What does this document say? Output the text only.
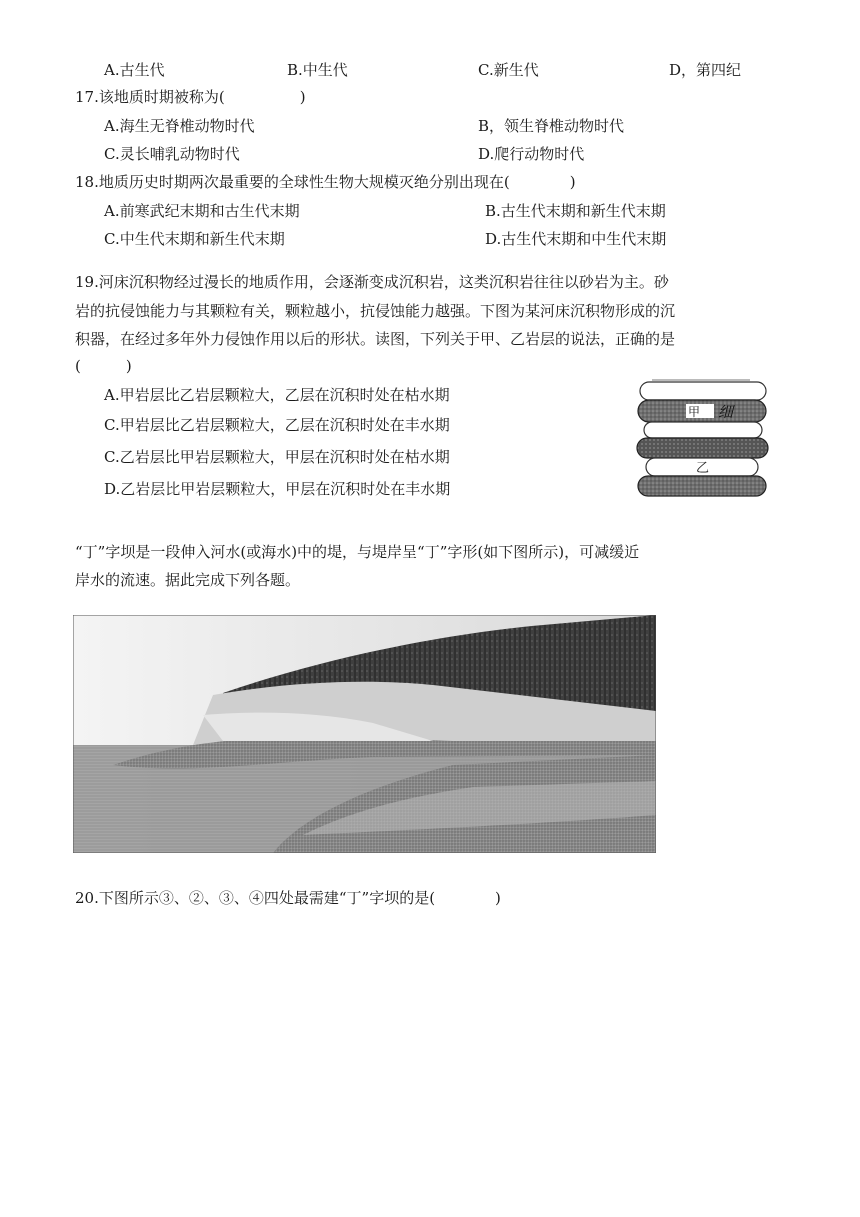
A.古生代	B.中生代	C.新生代	D，第四纪
17.该地质时期被称为(　　　　　)
A.海生无脊椎动物时代	B，领生脊椎动物时代
C.灵长哺乳动物时代	D.爬行动物时代
18.地质历史时期两次最重要的全球性生物大规模灭绝分别出现在(　　　　)
A.前寒武纪末期和古生代末期	B.古生代末期和新生代末期
C.中生代末期和新生代末期	D.古生代末期和中生代末期
19.河床沉积物经过漫长的地质作用，会逐渐变成沉积岩，这类沉积岩往往以砂岩为主。砂
岩的抗侵蚀能力与其颗粒有关，颗粒越小，抗侵蚀能力越强。下图为某河床沉积物形成的沉
积器，在经过多年外力侵蚀作用以后的形状。读图，下列关于甲、乙岩层的说法，正确的是
(　　　)
A.甲岩层比乙岩层颗粒大，乙层在沉积时处在枯水期
C.甲岩层比乙岩层颗粒大，乙层在沉积时处在丰水期
C.乙岩层比甲岩层颗粒大，甲层在沉积时处在枯水期
D.乙岩层比甲岩层颗粒大，甲层在沉积时处在丰水期
甲 细
乙
“丁”字坝是一段伸入河水(或海水)中的堤，与堤岸呈“丁”字形(如下图所示)，可减缓近
岸水的流速。据此完成下列各题。
20.下图所示③、②、③、④四处最需建“丁”字坝的是(　　　　)
